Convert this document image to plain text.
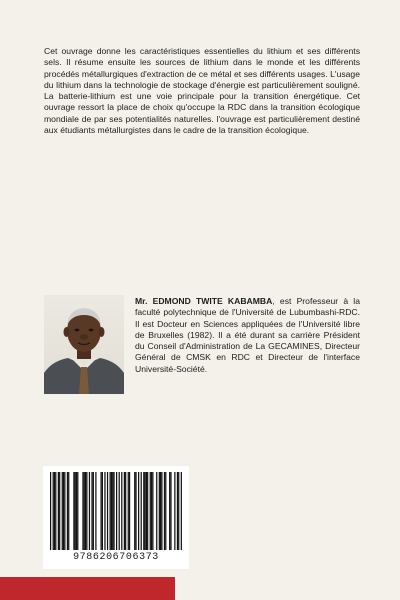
Cet ouvrage donne les caractéristiques essentielles du lithium et ses différents sels. Il résume ensuite les sources de lithium dans le monde et les différents procédés métallurgiques d'extraction de ce métal et ses différents usages. L'usage du lithium dans la technologie de stockage d'énergie est particulièrement souligné. La batterie-lithium est une voie principale pour la transition énergétique. Cet ouvrage ressort la place de choix qu'occupe la RDC dans la transition écologique mondiale de par ses potentialités naturelles. l'ouvrage est particulièrement destiné aux étudiants métallurgistes dans le cadre de la transition écologique.

Mr. EDMOND TWITE KABAMBA, est Professeur à la faculté polytechnique de l'Université de Lubumbashi-RDC. Il est Docteur en Sciences appliquées de l'Université libre de Bruxelles (1982). Il a été durant sa carrière Président du Conseil d'Administration de La GECAMINES, Directeur Général de CMSK en RDC et Directeur de l'interface Université-Société.

9786206706373
